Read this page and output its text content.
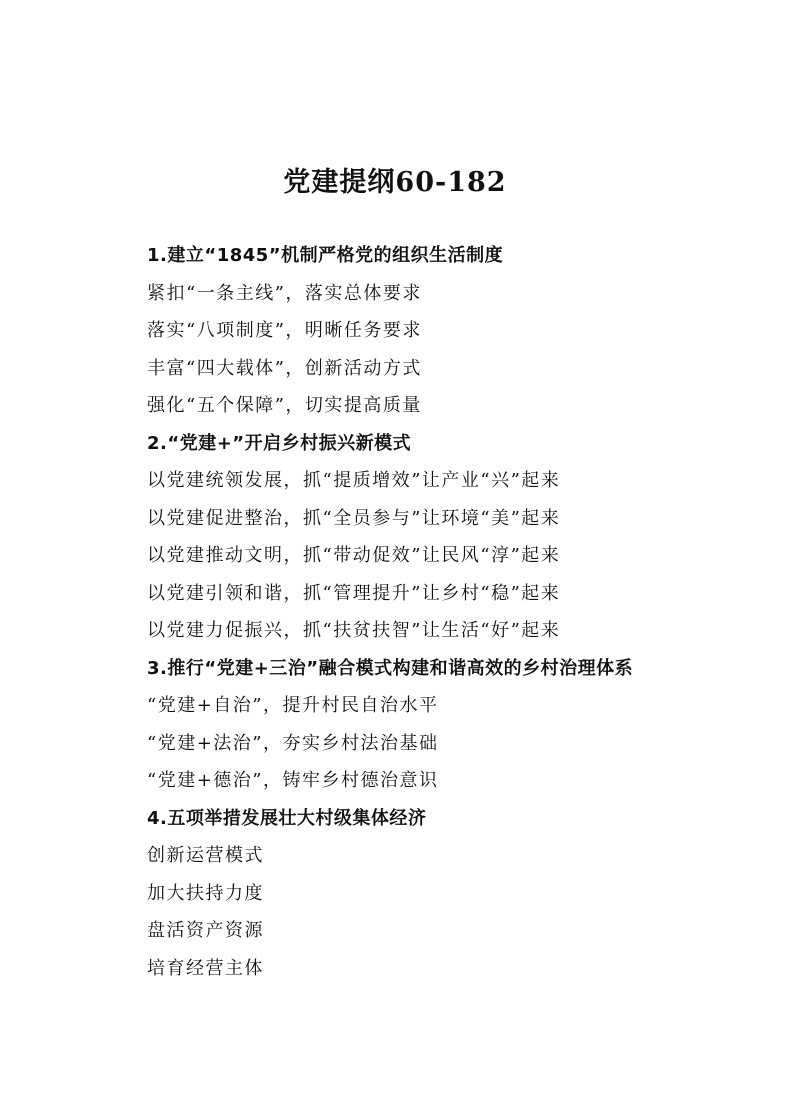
党建提纲60-182
1.建立“1845”机制严格党的组织生活制度
紧扣“一条主线”，落实总体要求
落实“八项制度”，明晰任务要求
丰富“四大载体”，创新活动方式
强化“五个保障”，切实提高质量
2.“党建+”开启乡村振兴新模式
以党建统领发展，抓“提质增效”让产业“兴”起来
以党建促进整治，抓“全员参与”让环境“美”起来
以党建推动文明，抓“带动促效”让民风“淳”起来
以党建引领和谐，抓“管理提升”让乡村“稳”起来
以党建力促振兴，抓“扶贫扶智”让生活“好”起来
3.推行“党建+三治”融合模式构建和谐高效的乡村治理体系
“党建+自治”，提升村民自治水平
“党建+法治”，夯实乡村法治基础
“党建+德治”，铸牢乡村德治意识
4.五项举措发展壮大村级集体经济
创新运营模式
加大扶持力度
盘活资产资源
培育经营主体
